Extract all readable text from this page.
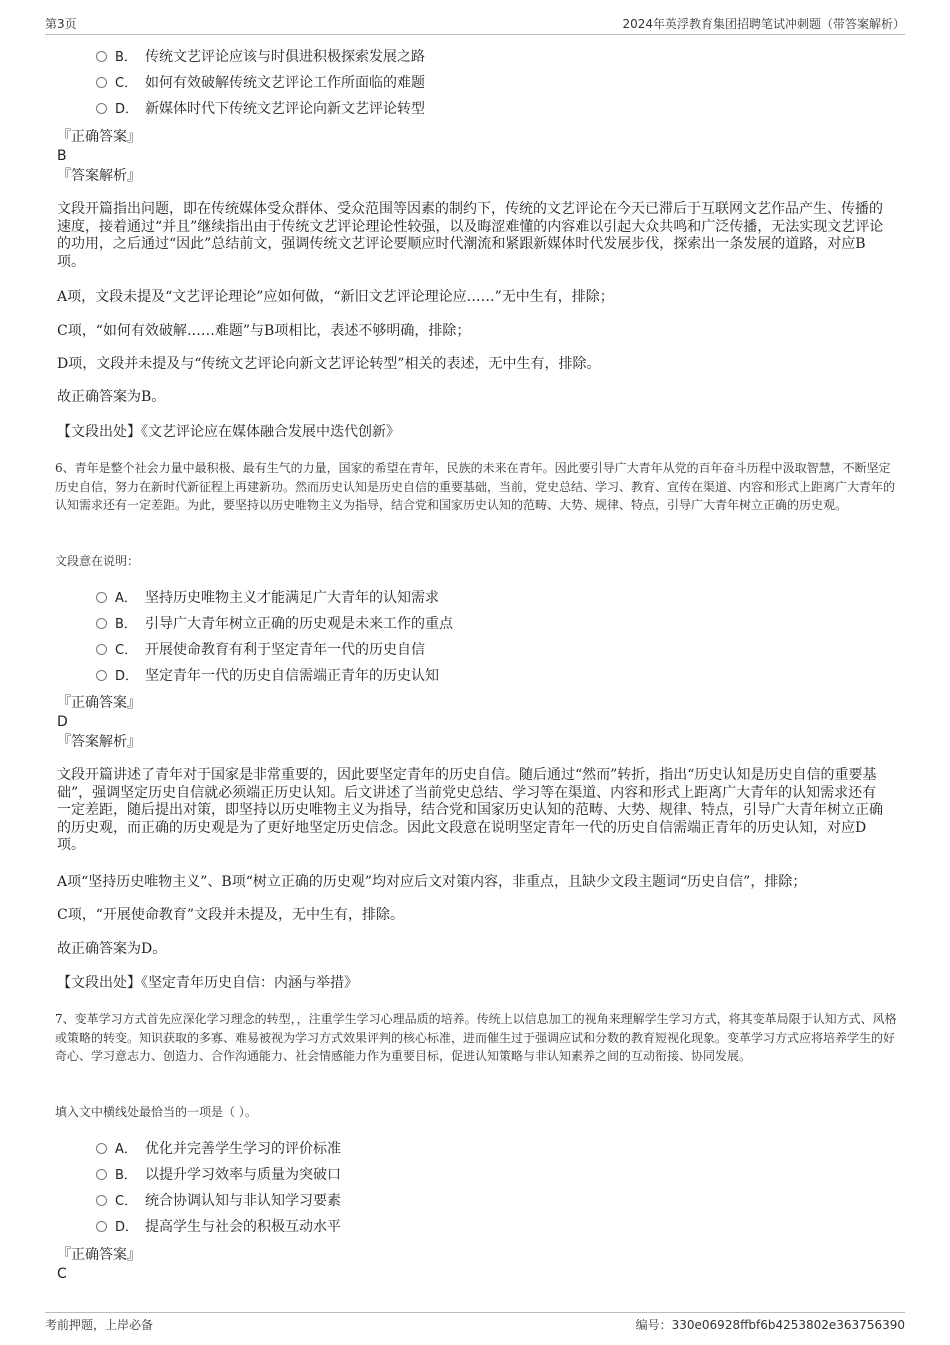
第3页	2024年英浮教育集团招聘笔试冲刺题（带答案解析）
B． 传统文艺评论应该与时俱进积极探索发展之路
C． 如何有效破解传统文艺评论工作所面临的难题
D． 新媒体时代下传统文艺评论向新文艺评论转型
『正确答案』
B
『答案解析』
文段开篇指出问题，即在传统媒体受众群体、受众范围等因素的制约下，传统的文艺评论在今天已滞后于互联网文艺作品产生、传播的速度，接着通过“并且”继续指出由于传统文艺评论理论性较强，以及晦涩难懂的内容难以引起大众共鸣和广泛传播，无法实现文艺评论的功用，之后通过“因此”总结前文，强调传统文艺评论要顺应时代潮流和紧跟新媒体时代发展步伐，探索出一条发展的道路，对应B项。
A项，文段未提及“文艺评论理论”应如何做，“新旧文艺评论理论应……”无中生有，排除；
C项，“如何有效破解……难题”与B项相比，表述不够明确，排除；
D项，文段并未提及与“传统文艺评论向新文艺评论转型”相关的表述，无中生有，排除。
故正确答案为B。
【文段出处】《文艺评论应在媒体融合发展中迭代创新》
6、青年是整个社会力量中最积极、最有生气的力量，国家的希望在青年，民族的未来在青年。因此要引导广大青年从党的百年奋斗历程中汲取智慧，不断坚定历史自信，努力在新时代新征程上再建新功。然而历史认知是历史自信的重要基础，当前，党史总结、学习、教育、宣传在渠道、内容和形式上距离广大青年的认知需求还有一定差距。为此，要坚持以历史唯物主义为指导，结合党和国家历史认知的范畴、大势、规律、特点，引导广大青年树立正确的历史观。
文段意在说明：
A． 坚持历史唯物主义才能满足广大青年的认知需求
B． 引导广大青年树立正确的历史观是未来工作的重点
C． 开展使命教育有利于坚定青年一代的历史自信
D． 坚定青年一代的历史自信需端正青年的历史认知
『正确答案』
D
『答案解析』
文段开篇讲述了青年对于国家是非常重要的，因此要坚定青年的历史自信。随后通过“然而”转折，指出“历史认知是历史自信的重要基础”，强调坚定历史自信就必须端正历史认知。后文讲述了当前党史总结、学习等在渠道、内容和形式上距离广大青年的认知需求还有一定差距，随后提出对策，即坚持以历史唯物主义为指导，结合党和国家历史认知的范畴、大势、规律、特点，引导广大青年树立正确的历史观，而正确的历史观是为了更好地坚定历史信念。因此文段意在说明坚定青年一代的历史自信需端正青年的历史认知，对应D项。
A项“坚持历史唯物主义”、B项“树立正确的历史观”均对应后文对策内容，非重点，且缺少文段主题词“历史自信”，排除；
C项，“开展使命教育”文段并未提及，无中生有，排除。
故正确答案为D。
【文段出处】《坚定青年历史自信：内涵与举措》
7、变革学习方式首先应深化学习理念的转型，，注重学生学习心理品质的培养。传统上以信息加工的视角来理解学生学习方式，将其变革局限于认知方式、风格或策略的转变。知识获取的多寡、难易被视为学习方式效果评判的核心标准，进而催生过于强调应试和分数的教育短视化现象。变革学习方式应将培养学生的好奇心、学习意志力、创造力、合作沟通能力、社会情感能力作为重要目标，促进认知策略与非认知素养之间的互动衔接、协同发展。
填入文中横线处最恰当的一项是（ ）。
A． 优化并完善学生学习的评价标准
B． 以提升学习效率与质量为突破口
C． 统合协调认知与非认知学习要素
D． 提高学生与社会的积极互动水平
『正确答案』
C
考前押题，上岸必备	编号：330e06928ffbf6b4253802e363756390
